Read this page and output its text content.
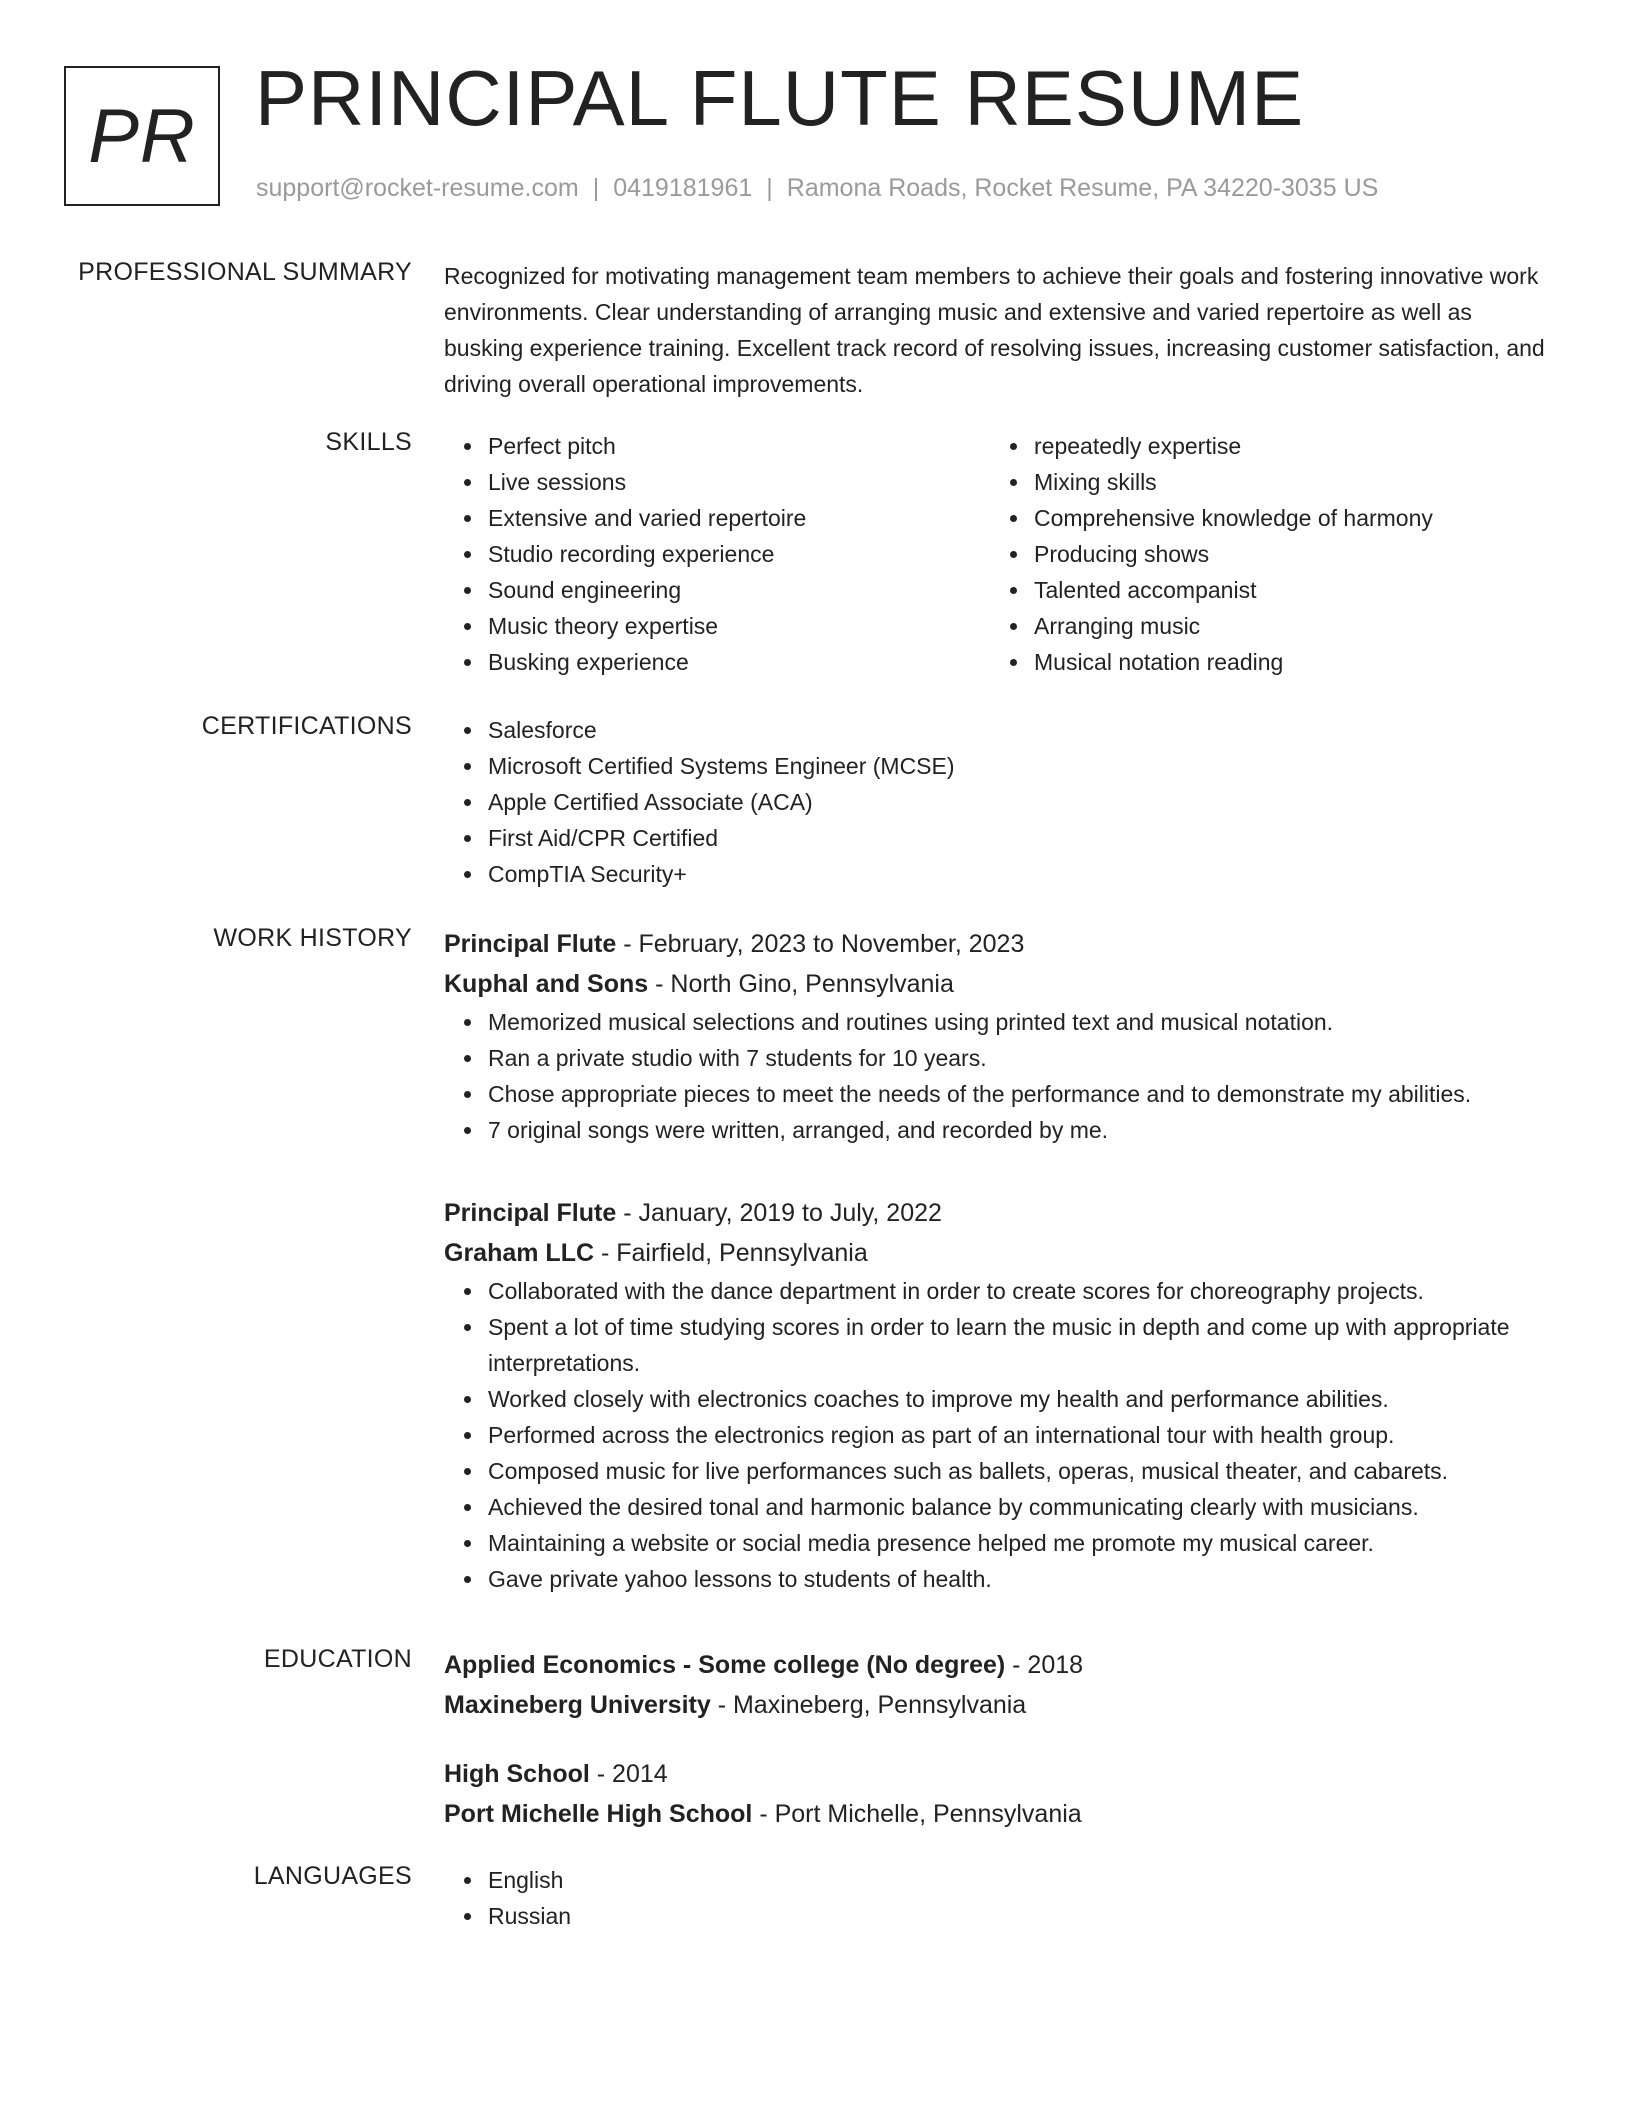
PR PRINCIPAL FLUTE RESUME
support@rocket-resume.com | 0419181961 | Ramona Roads, Rocket Resume, PA 34220-3035 US
PROFESSIONAL SUMMARY Recognized for motivating management team members to achieve their goals and fostering innovative work environments. Clear understanding of arranging music and extensive and varied repertoire as well as busking experience training. Excellent track record of resolving issues, increasing customer satisfaction, and driving overall operational improvements.

SKILLS	Perfect pitch
Live sessions
Extensive and varied repertoire
Studio recording experience
Sound engineering
Music theory expertise
Busking experience
repeatedly expertise
Mixing skills
Comprehensive knowledge of harmony
Producing shows
Talented accompanist
Arranging music
Musical notation reading
CERTIFICATIONS	Salesforce
Microsoft Certified Systems Engineer (MCSE)
Apple Certified Associate (ACA)
First Aid/CPR Certified
CompTIA Security+
WORK HISTORY Principal Flute - February, 2023 to November, 2023
Kuphal and Sons - North Gino, Pennsylvania
Memorized musical selections and routines using printed text and musical notation.
Ran a private studio with 7 students for 10 years.
Chose appropriate pieces to meet the needs of the performance and to demonstrate my abilities.
7 original songs were written, arranged, and recorded by me.
Principal Flute - January, 2019 to July, 2022
Graham LLC - Fairfield, Pennsylvania
Collaborated with the dance department in order to create scores for choreography projects.
Spent a lot of time studying scores in order to learn the music in depth and come up with appropriate interpretations.
Worked closely with electronics coaches to improve my health and performance abilities.
Performed across the electronics region as part of an international tour with health group.
Composed music for live performances such as ballets, operas, musical theater, and cabarets.
Achieved the desired tonal and harmonic balance by communicating clearly with musicians.
Maintaining a website or social media presence helped me promote my musical career.
Gave private yahoo lessons to students of health.
EDUCATION Applied Economics - Some college (No degree) - 2018
Maxineberg University - Maxineberg, Pennsylvania
High School - 2014
Port Michelle High School - Port Michelle, Pennsylvania
LANGUAGES	English
Russian
